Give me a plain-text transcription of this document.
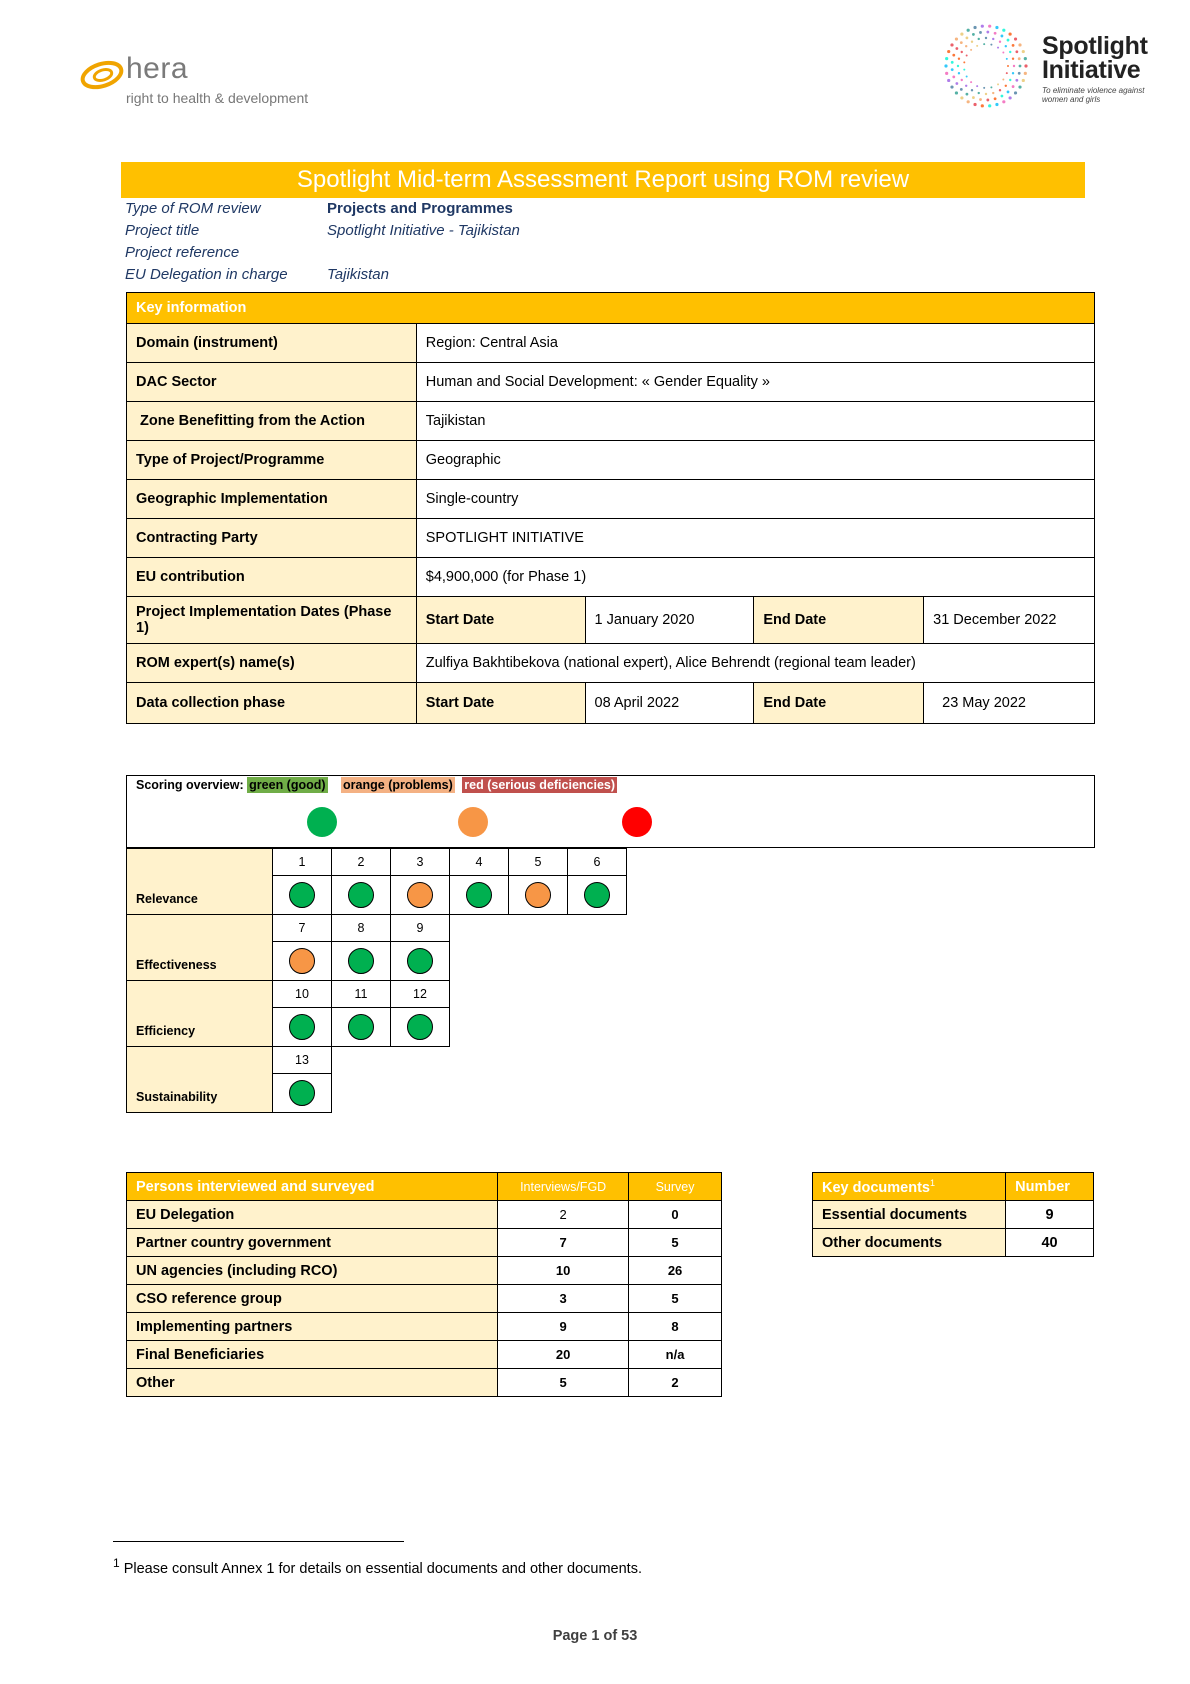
hera
right to health & development
Spotlight Initiative
To eliminate violence against women and girls
Spotlight Mid-term Assessment Report using ROM review
Type of ROM review	Projects and Programmes
Project title	Spotlight Initiative - Tajikistan
Project reference
EU Delegation in charge	Tajikistan
Key information				
Domain (instrument)	Region: Central Asia			
DAC Sector	Human and Social Development: « Gender Equality »			
Zone Benefitting from the Action	Tajikistan			
Type of Project/Programme	Geographic			
Geographic Implementation	Single-country			
Contracting Party	SPOTLIGHT INITIATIVE			
EU contribution	$4,900,000 (for Phase 1)			
Project Implementation Dates (Phase 1)	Start Date	1 January 2020	End Date	31 December 2022
ROM expert(s) name(s)	Zulfiya Bakhtibekova (national expert), Alice Behrendt (regional team leader)			
Data collection phase	Start Date	08 April 2022	End Date	23 May 2022
Scoring overview: green (good) orange (problems) red (serious deficiencies)
Relevance	1	2	3	4	5	6

Effectiveness	7	8	9			

Efficiency	10	11	12			

Sustainability	13					

Persons interviewed and surveyed	Interviews/FGD	Survey
EU Delegation	2	0
Partner country government	7	5
UN agencies (including RCO)	10	26
CSO reference group	3	5
Implementing partners	9	8
Final Beneficiaries	20	n/a
Other	5	2
Key documents$^1$	Number
Essential documents	9
Other documents	40
$^1$ Please consult Annex 1 for details on essential documents and other documents.
Page 1 of 53
